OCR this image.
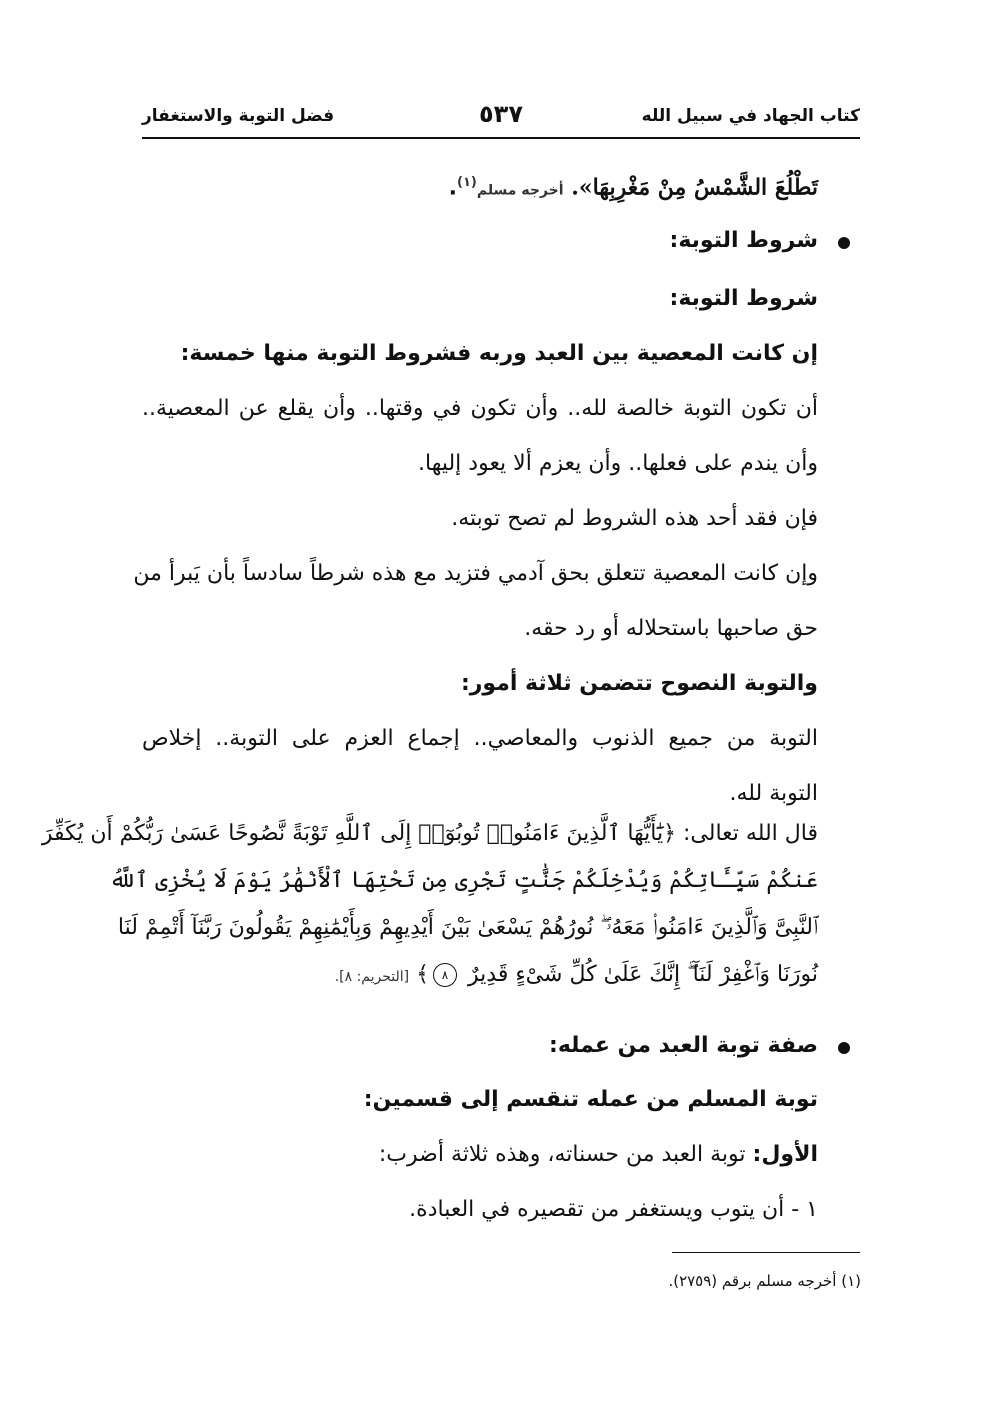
كتاب الجهاد في سبيل الله
٥٣٧
فضل التوبة والاستغفار
تَطْلُعَ الشَّمْسُ مِنْ مَغْرِبِهَا». أخرجه مسلم$^{(١)}$.
شروط التوبة:
شروط التوبة:
إن كانت المعصية بين العبد وربه فشروط التوبة منها خمسة:
أن تكون التوبة خالصة لله.. وأن تكون في وقتها.. وأن يقلع عن المعصية..
وأن يندم على فعلها.. وأن يعزم ألا يعود إليها.
فإن فقد أحد هذه الشروط لم تصح توبته.
وإن كانت المعصية تتعلق بحق آدمي فتزيد مع هذه شرطاً سادساً بأن يَبرأ من
حق صاحبها باستحلاله أو رد حقه.
والتوبة النصوح تتضمن ثلاثة أمور:
التوبة من جميع الذنوب والمعاصي.. إجماع العزم على التوبة.. إخلاص
التوبة لله.
قال الله تعالى: ﴿يَٰٓأَيُّهَا ٱلَّذِينَ ءَامَنُوا۟ تُوبُوٓا۟ إِلَى ٱللَّهِ تَوْبَةً نَّصُوحًا عَسَىٰ رَبُّكُمْ أَن يُكَفِّرَ
عَنكُمْ سَيِّـَٔاتِكُمْ وَيُدْخِلَكُمْ جَنَّٰتٍ تَجْرِى مِن تَحْتِهَا ٱلْأَنْهَٰرُ يَوْمَ لَا يُخْزِى ٱللَّهُ
ٱلنَّبِىَّ وَٱلَّذِينَ ءَامَنُوا۟ مَعَهُۥ ۖ نُورُهُمْ يَسْعَىٰ بَيْنَ أَيْدِيهِمْ وَبِأَيْمَٰنِهِمْ يَقُولُونَ رَبَّنَآ أَتْمِمْ لَنَا
نُورَنَا وَٱغْفِرْ لَنَآ ۖ إِنَّكَ عَلَىٰ كُلِّ شَىْءٍ قَدِيرٌ ٨﴾ [التحريم: ٨].
صفة توبة العبد من عمله:
توبة المسلم من عمله تنقسم إلى قسمين:
الأول: توبة العبد من حسناته، وهذه ثلاثة أضرب:
١ - أن يتوب ويستغفر من تقصيره في العبادة.
(١) أخرجه مسلم برقم (٢٧٥٩).
